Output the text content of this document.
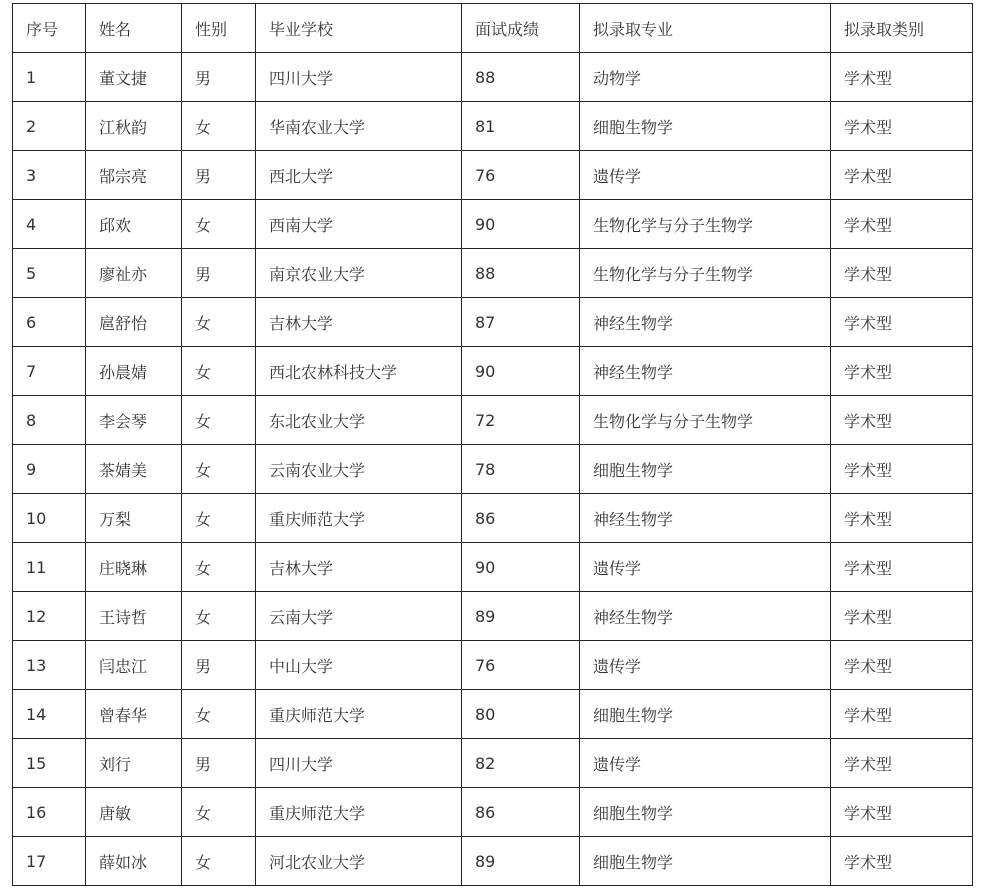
序号	姓名	性别	毕业学校	面试成绩	拟录取专业	拟录取类别
1	董文捷	男	四川大学	88	动物学	学术型
2	江秋韵	女	华南农业大学	81	细胞生物学	学术型
3	郜宗亮	男	西北大学	76	遗传学	学术型
4	邱欢	女	西南大学	90	生物化学与分子生物学	学术型
5	廖祉亦	男	南京农业大学	88	生物化学与分子生物学	学术型
6	扈舒怡	女	吉林大学	87	神经生物学	学术型
7	孙晨婧	女	西北农林科技大学	90	神经生物学	学术型
8	李会琴	女	东北农业大学	72	生物化学与分子生物学	学术型
9	茶婧美	女	云南农业大学	78	细胞生物学	学术型
10	万梨	女	重庆师范大学	86	神经生物学	学术型
11	庄晓琳	女	吉林大学	90	遗传学	学术型
12	王诗哲	女	云南大学	89	神经生物学	学术型
13	闫忠江	男	中山大学	76	遗传学	学术型
14	曾春华	女	重庆师范大学	80	细胞生物学	学术型
15	刘行	男	四川大学	82	遗传学	学术型
16	唐敏	女	重庆师范大学	86	细胞生物学	学术型
17	薛如冰	女	河北农业大学	89	细胞生物学	学术型
